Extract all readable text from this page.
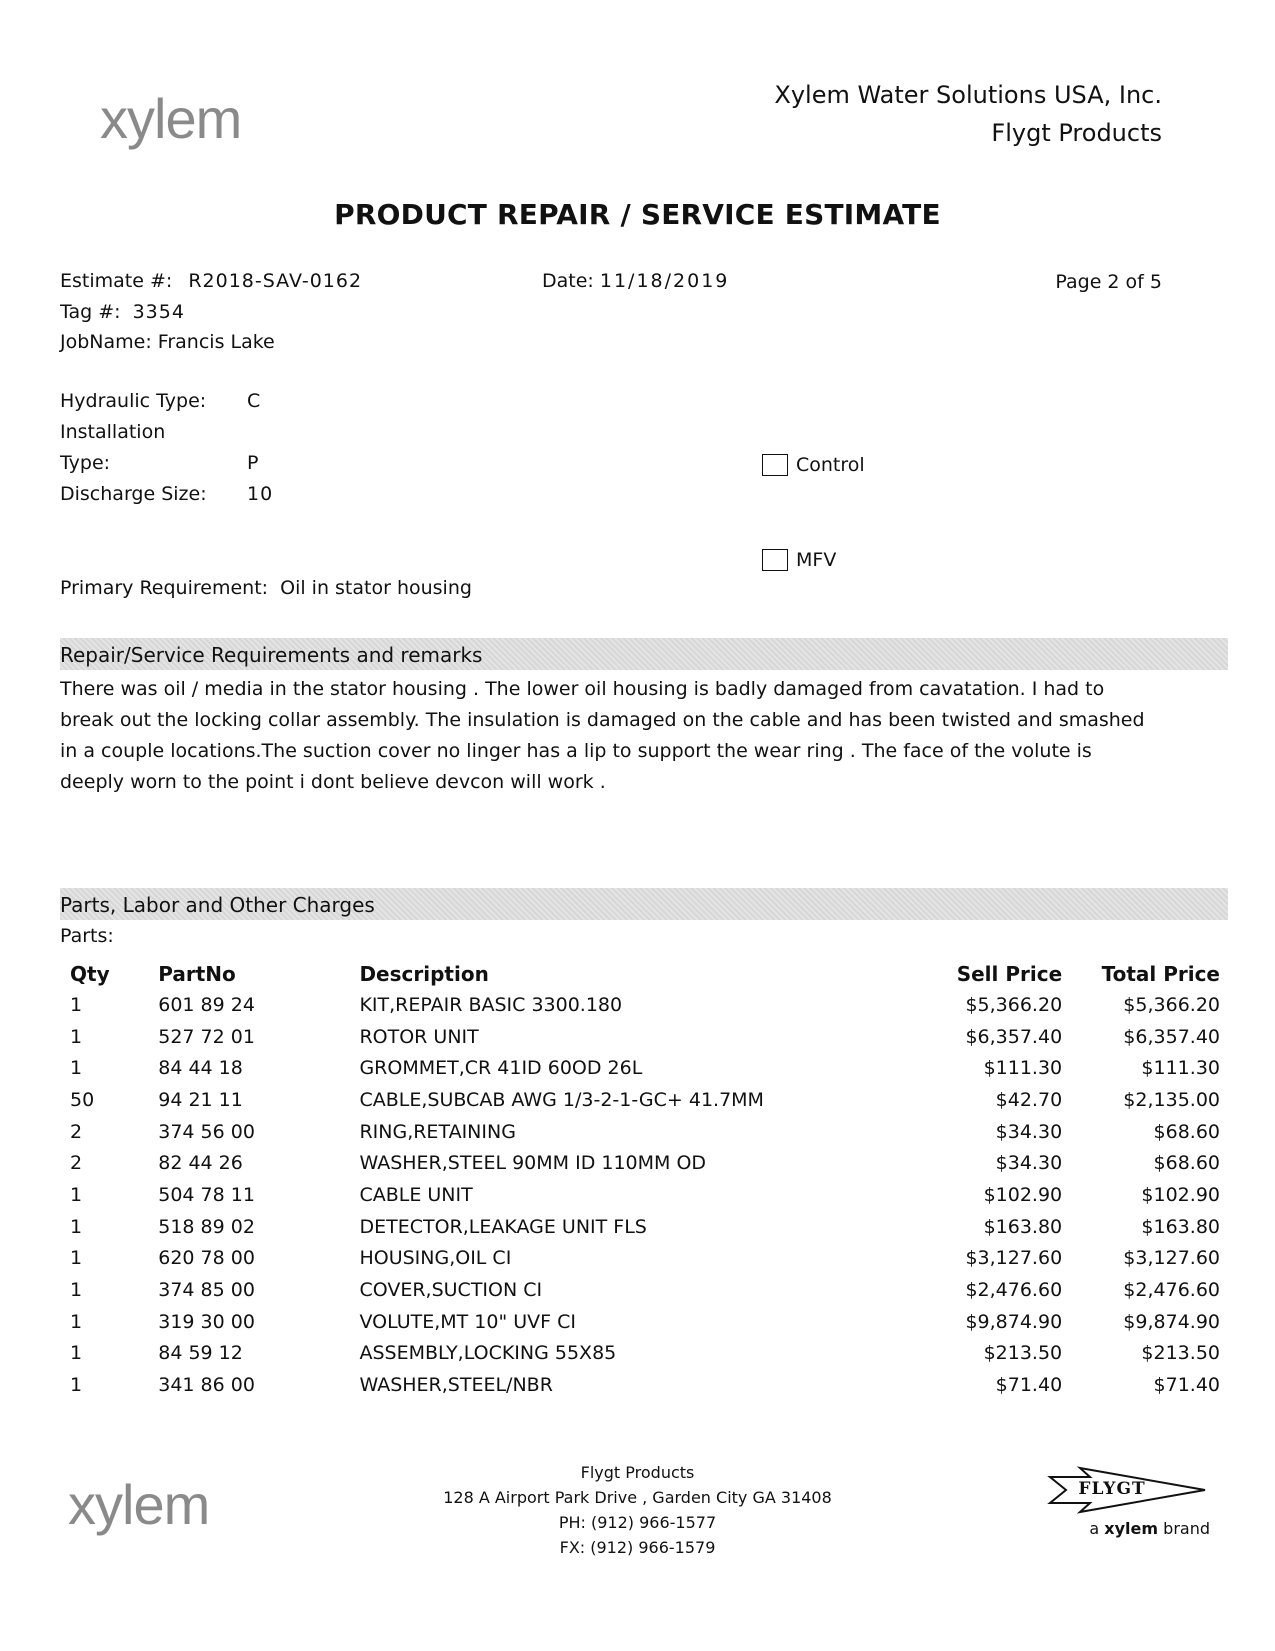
xylem	Xylem Water Solutions USA, Inc.
Flygt Products
PRODUCT REPAIR / SERVICE ESTIMATE
Estimate #: R2018-SAV-0162	Date: 11/18/2019	Page 2 of 5
Tag #: 3354
JobName: Francis Lake
Hydraulic Type: C
Installation
Type:	P
Discharge Size: 10
Control
MFV
Primary Requirement: Oil in stator housing
Repair/Service Requirements and remarks
There was oil / media in the stator housing . The lower oil housing is badly damaged from cavatation. I had to
break out the locking collar assembly. The insulation is damaged on the cable and has been twisted and smashed
in a couple locations.The suction cover no linger has a lip to support the wear ring . The face of the volute is
deeply worn to the point i dont believe devcon will work .
Parts, Labor and Other Charges
Parts:
Qty	PartNo	Description	Sell Price	Total Price
1	601 89 24	KIT,REPAIR BASIC 3300.180	$5,366.20	$5,366.20
1	527 72 01	ROTOR UNIT	$6,357.40	$6,357.40
1	84 44 18	GROMMET,CR 41ID 60OD 26L	$111.30	$111.30
50	94 21 11	CABLE,SUBCAB AWG 1/3-2-1-GC+ 41.7MM	$42.70	$2,135.00
2	374 56 00	RING,RETAINING	$34.30	$68.60
2	82 44 26	WASHER,STEEL 90MM ID 110MM OD	$34.30	$68.60
1	504 78 11	CABLE UNIT	$102.90	$102.90
1	518 89 02	DETECTOR,LEAKAGE UNIT FLS	$163.80	$163.80
1	620 78 00	HOUSING,OIL CI	$3,127.60	$3,127.60
1	374 85 00	COVER,SUCTION CI	$2,476.60	$2,476.60
1	319 30 00	VOLUTE,MT 10" UVF CI	$9,874.90	$9,874.90
1	84 59 12	ASSEMBLY,LOCKING 55X85	$213.50	$213.50
1	341 86 00	WASHER,STEEL/NBR	$71.40	$71.40
xylem
Flygt Products
128 A Airport Park Drive , Garden City GA 31408
PH: (912) 966-1577
FX: (912) 966-1579
FLYGT
a xylem brand
